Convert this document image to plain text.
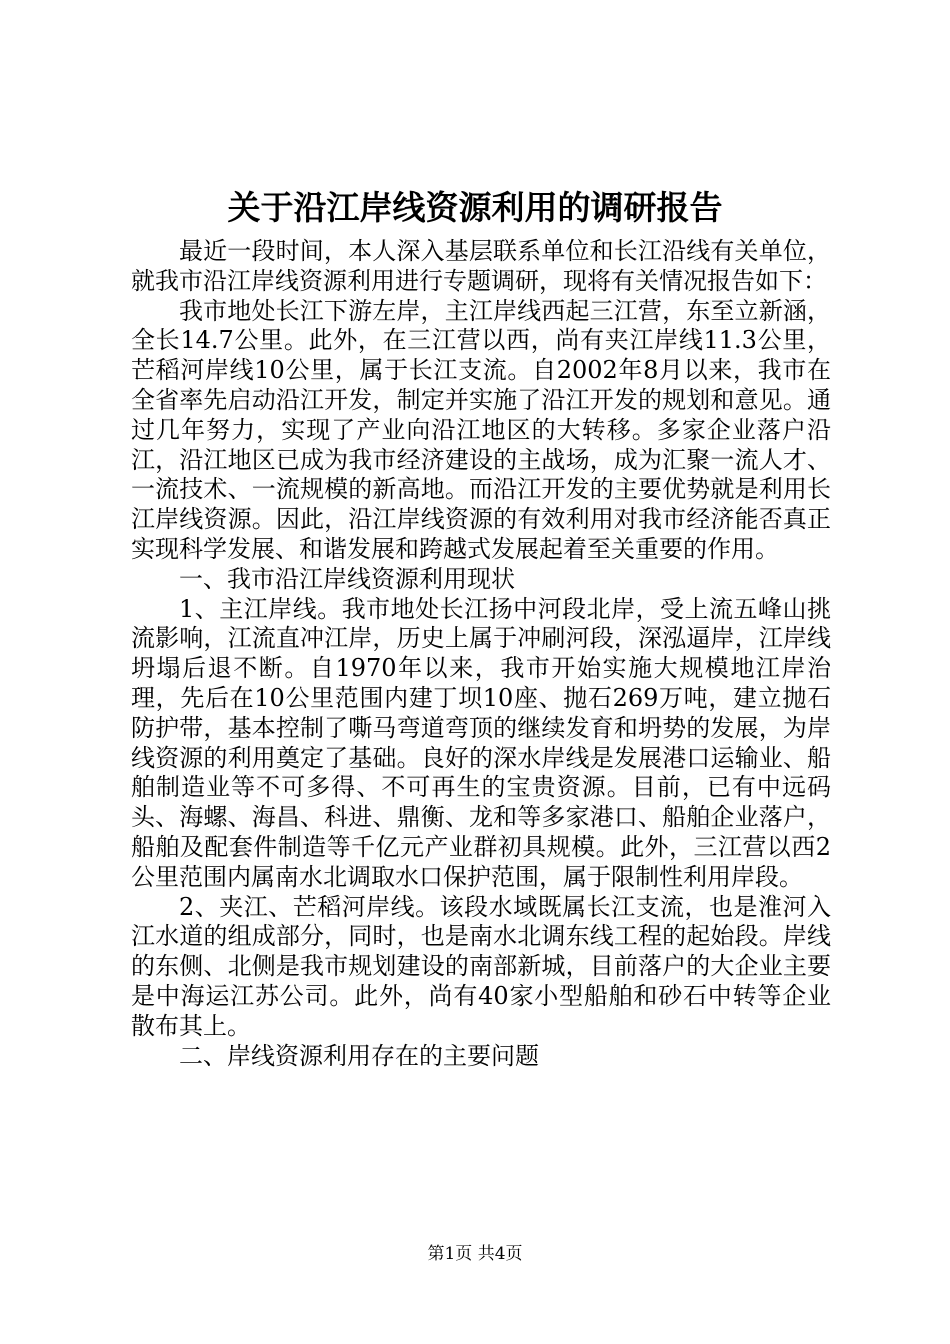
关于沿江岸线资源利用的调研报告

最近一段时间，本人深入基层联系单位和长江沿线有关单位，就我市沿江岸线资源利用进行专题调研，现将有关情况报告如下：

我市地处长江下游左岸，主江岸线西起三江营，东至立新涵，全长14.7公里。此外，在三江营以西，尚有夹江岸线11.3公里，芒稻河岸线10公里，属于长江支流。自2002年8月以来，我市在全省率先启动沿江开发，制定并实施了沿江开发的规划和意见。通过几年努力，实现了产业向沿江地区的大转移。多家企业落户沿江，沿江地区已成为我市经济建设的主战场，成为汇聚一流人才、一流技术、一流规模的新高地。而沿江开发的主要优势就是利用长江岸线资源。因此，沿江岸线资源的有效利用对我市经济能否真正实现科学发展、和谐发展和跨越式发展起着至关重要的作用。

一、我市沿江岸线资源利用现状

1、主江岸线。我市地处长江扬中河段北岸，受上流五峰山挑流影响，江流直冲江岸，历史上属于冲刷河段，深泓逼岸，江岸线坍塌后退不断。自1970年以来，我市开始实施大规模地江岸治理，先后在10公里范围内建丁坝10座、抛石269万吨，建立抛石防护带，基本控制了嘶马弯道弯顶的继续发育和坍势的发展，为岸线资源的利用奠定了基础。良好的深水岸线是发展港口运输业、船舶制造业等不可多得、不可再生的宝贵资源。目前，已有中远码头、海螺、海昌、科进、鼎衡、龙和等多家港口、船舶企业落户，船舶及配套件制造等千亿元产业群初具规模。此外，三江营以西2公里范围内属南水北调取水口保护范围，属于限制性利用岸段。

2、夹江、芒稻河岸线。该段水域既属长江支流，也是淮河入江水道的组成部分，同时，也是南水北调东线工程的起始段。岸线的东侧、北侧是我市规划建设的南部新城，目前落户的大企业主要是中海运江苏公司。此外，尚有40家小型船舶和砂石中转等企业散布其上。

二、岸线资源利用存在的主要问题

第1页 共4页
